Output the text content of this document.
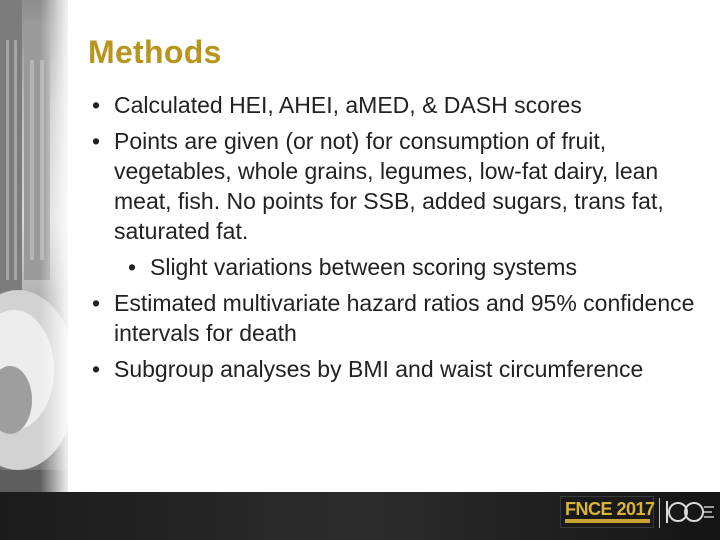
Methods
• Calculated HEI, AHEI, aMED, & DASH scores
• Points are given (or not) for consumption of fruit, vegetables, whole grains, legumes, low-fat dairy, lean meat, fish. No points for SSB, added sugars, trans fat, saturated fat.
• Slight variations between scoring systems
• Estimated multivariate hazard ratios and 95% confidence intervals for death
• Subgroup analyses by BMI and waist circumference
FNCE 2017
